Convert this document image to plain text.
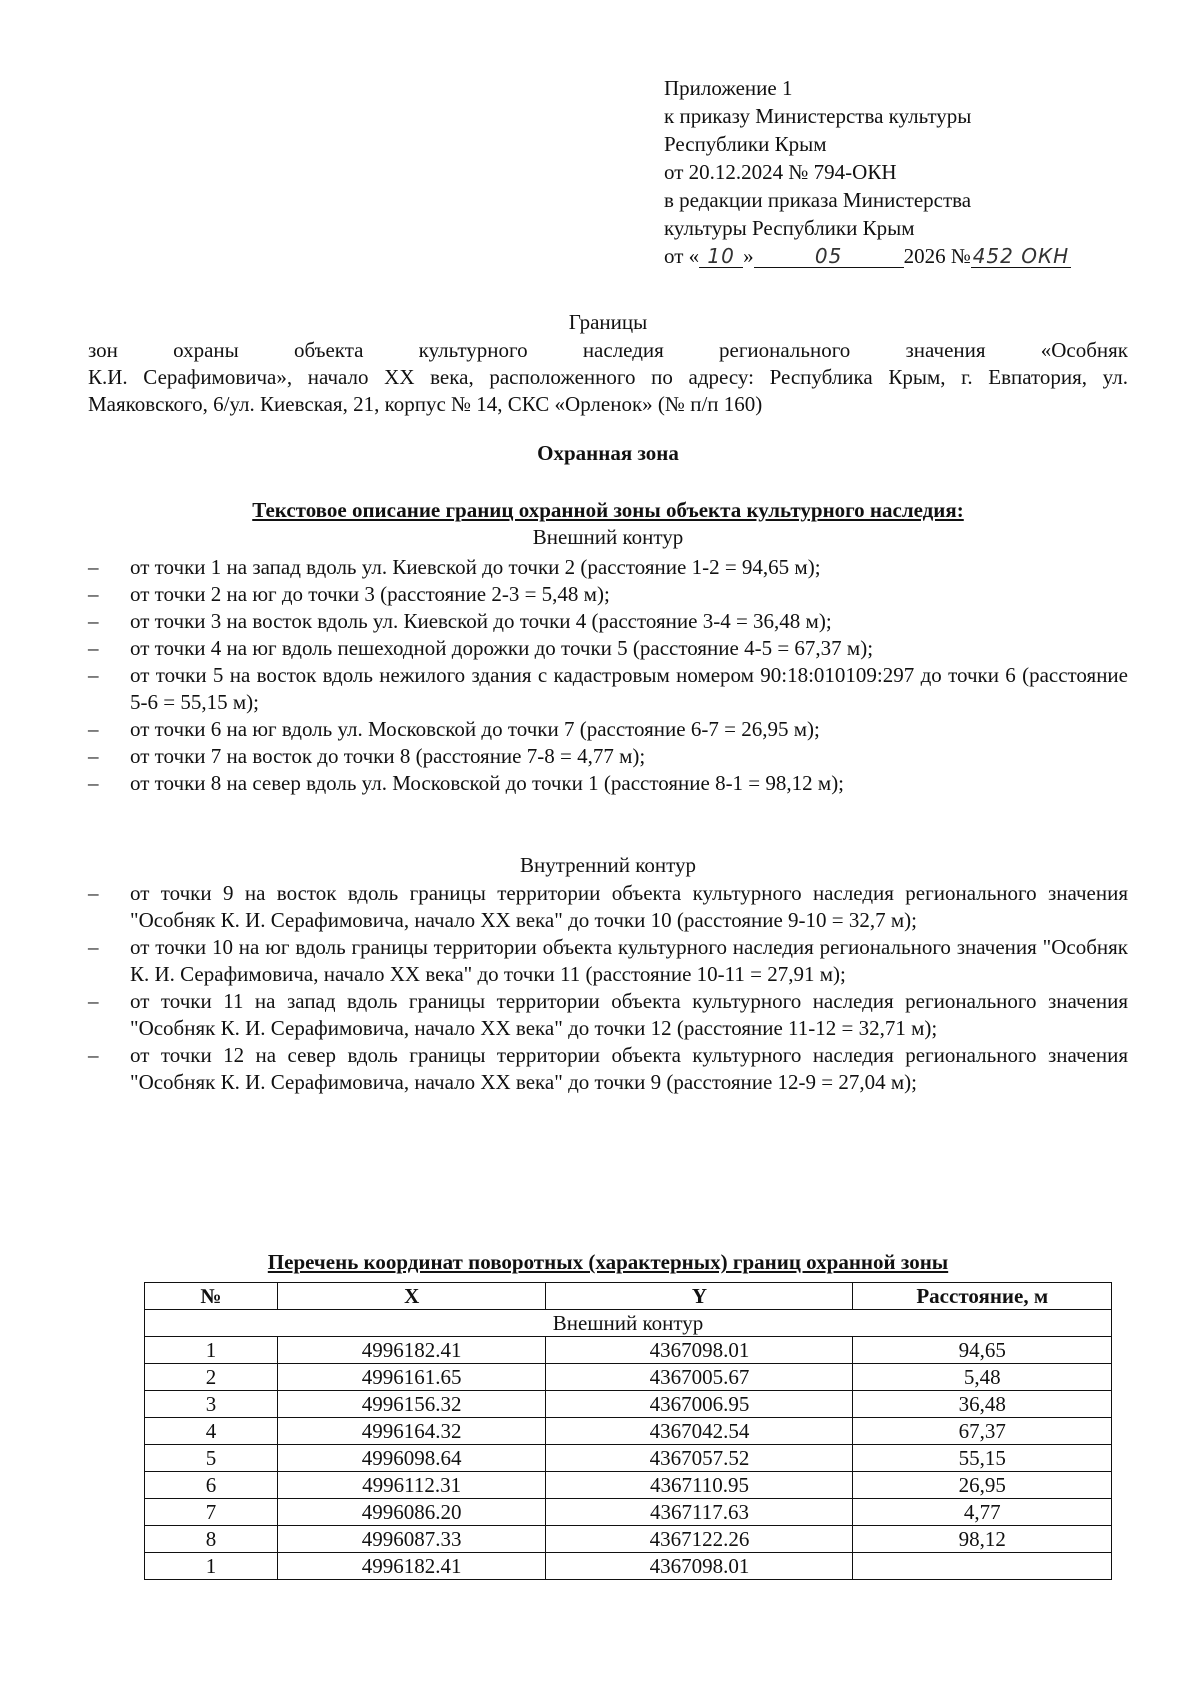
Приложение 1
к приказу Министерства культуры
Республики Крым
от 20.12.2024 № 794-ОКН
в редакции приказа Министерства
культуры Республики Крым
от « 10 »	05	2026 №452 ОКН
Границы
зон охраны объекта культурного наследия регионального значения «Особняк
К.И. Серафимовича», начало XX века, расположенного по адресу: Республика Крым, г. Евпатория, ул. Маяковского, 6/ул. Киевская, 21, корпус № 14, СКС «Орленок» (№ п/п 160)
Охранная зона
Текстовое описание границ охранной зоны объекта культурного наследия:
Внешний контур
– от точки 1 на запад вдоль ул. Киевской до точки 2 (расстояние 1-2 = 94,65 м);
– от точки 2 на юг до точки 3 (расстояние 2-3 = 5,48 м);
– от точки 3 на восток вдоль ул. Киевской до точки 4 (расстояние 3-4 = 36,48 м);
– от точки 4 на юг вдоль пешеходной дорожки до точки 5 (расстояние 4-5 = 67,37 м);
– от точки 5 на восток вдоль нежилого здания с кадастровым номером 90:18:010109:297 до точки 6 (расстояние 5-6 = 55,15 м);
– от точки 6 на юг вдоль ул. Московской до точки 7 (расстояние 6-7 = 26,95 м);
– от точки 7 на восток до точки 8 (расстояние 7-8 = 4,77 м);
– от точки 8 на север вдоль ул. Московской до точки 1 (расстояние 8-1 = 98,12 м);
Внутренний контур
– от точки 9 на восток вдоль границы территории объекта культурного наследия регионального значения "Особняк К. И. Серафимовича, начало XX века" до точки 10 (расстояние 9-10 = 32,7 м);
– от точки 10 на юг вдоль границы территории объекта культурного наследия регионального значения "Особняк К. И. Серафимовича, начало XX века" до точки 11 (расстояние 10-11 = 27,91 м);
– от точки 11 на запад вдоль границы территории объекта культурного наследия регионального значения "Особняк К. И. Серафимовича, начало XX века" до точки 12 (расстояние 11-12 = 32,71 м);
– от точки 12 на север вдоль границы территории объекта культурного наследия регионального значения "Особняк К. И. Серафимовича, начало XX века" до точки 9 (расстояние 12-9 = 27,04 м);
Перечень координат поворотных (характерных) границ охранной зоны
№	X	Y	Расстояние, м
Внешний контур			
1	4996182.41	4367098.01	94,65
2	4996161.65	4367005.67	5,48
3	4996156.32	4367006.95	36,48
4	4996164.32	4367042.54	67,37
5	4996098.64	4367057.52	55,15
6	4996112.31	4367110.95	26,95
7	4996086.20	4367117.63	4,77
8	4996087.33	4367122.26	98,12
1	4996182.41	4367098.01	
